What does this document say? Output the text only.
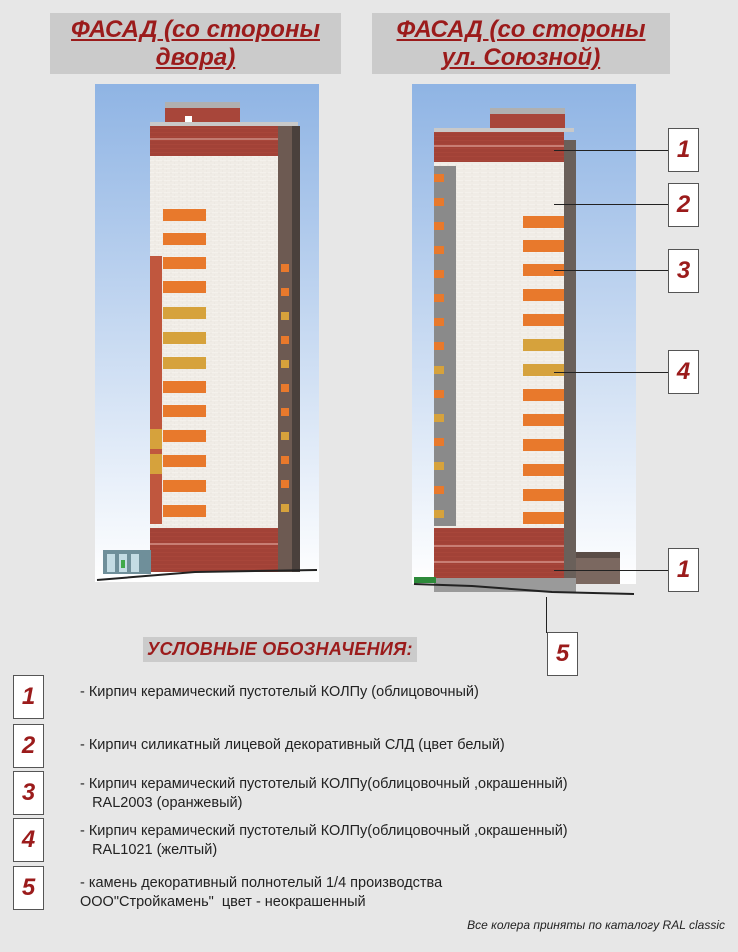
ФАСАД (со стороны
двора)
ФАСАД (со стороны
ул. Союзной)
1
2
3
4
1
5
УСЛОВНЫЕ ОБОЗНАЧЕНИЯ:
1	- Кирпич керамический пустотелый КОЛПу (облицовочный)
2	- Кирпич силикатный лицевой декоративный СЛД (цвет белый)
3	- Кирпич керамический пустотелый КОЛПу(облицовочный ,окрашенный)
RAL2003 (оранжевый)
4	- Кирпич керамический пустотелый КОЛПу(облицовочный ,окрашенный)
RAL1021 (желтый)
5	- камень декоративный полнотелый 1/4 производства
ООО"Стройкамень"  цвет - неокрашенный
Все колера приняты по каталогу RAL classic
